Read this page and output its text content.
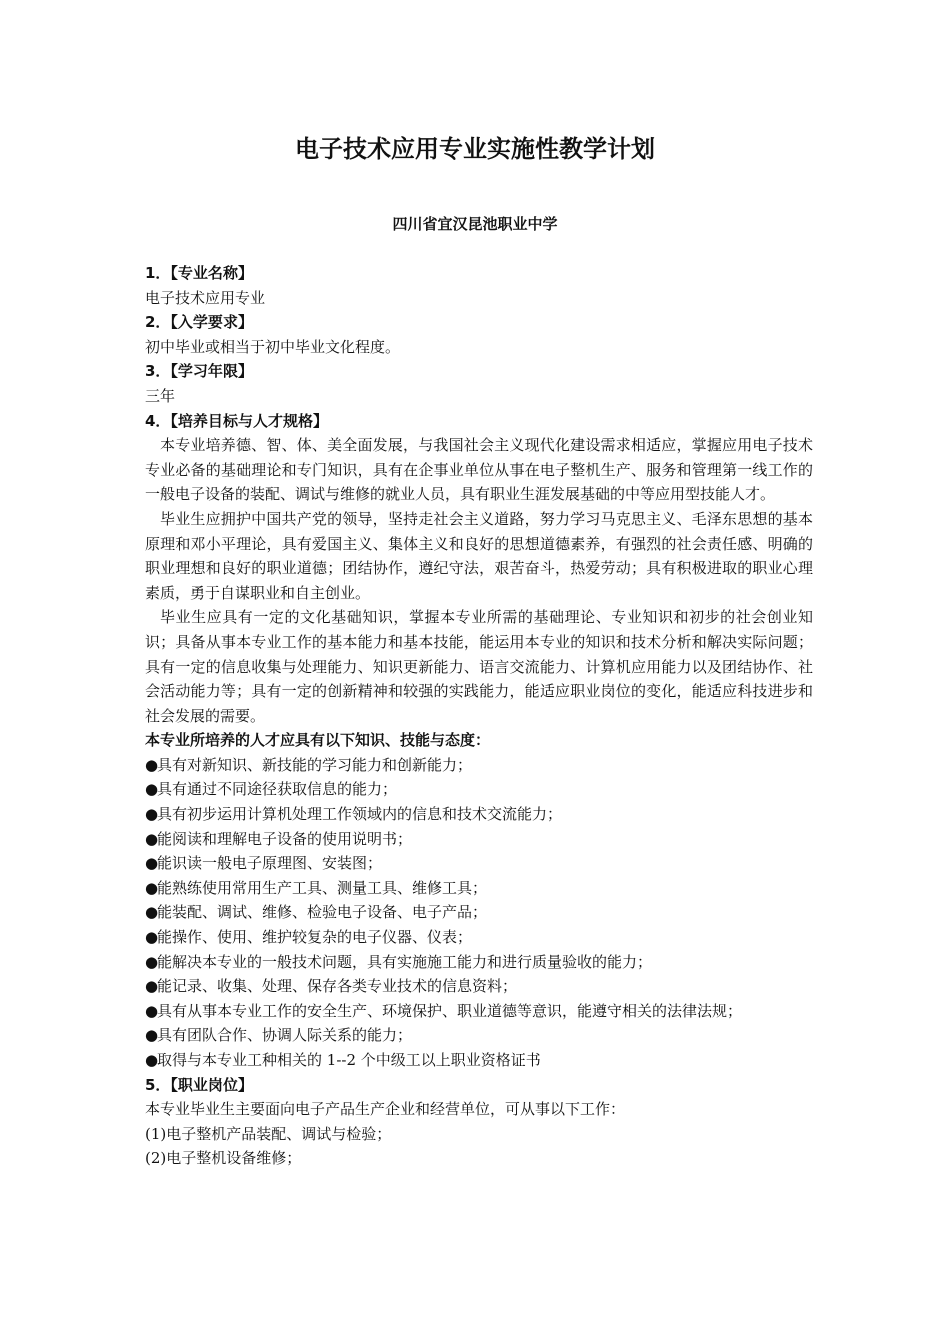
电子技术应用专业实施性教学计划
四川省宜汉昆池职业中学

1．【专业名称】

电子技术应用专业

2．【入学要求】

初中毕业或相当于初中毕业文化程度。

3．【学习年限】

三年

4．【培养目标与人才规格】

本专业培养德、智、体、美全面发展，与我国社会主义现代化建设需求相适应，掌握应用电子技术专业必备的基础理论和专门知识，具有在企事业单位从事在电子整机生产、服务和管理第一线工作的一般电子设备的装配、调试与维修的就业人员，具有职业生涯发展基础的中等应用型技能人才。

毕业生应拥护中国共产党的领导，坚持走社会主义道路，努力学习马克思主义、毛泽东思想的基本原理和邓小平理论，具有爱国主义、集体主义和良好的思想道德素养，有强烈的社会责任感、明确的职业理想和良好的职业道德；团结协作，遵纪守法，艰苦奋斗，热爱劳动；具有积极进取的职业心理素质，勇于自谋职业和自主创业。

毕业生应具有一定的文化基础知识，掌握本专业所需的基础理论、专业知识和初步的社会创业知识；具备从事本专业工作的基本能力和基本技能，能运用本专业的知识和技术分析和解决实际问题；具有一定的信息收集与处理能力、知识更新能力、语言交流能力、计算机应用能力以及团结协作、社会活动能力等；具有一定的创新精神和较强的实践能力，能适应职业岗位的变化，能适应科技进步和社会发展的需要。

本专业所培养的人才应具有以下知识、技能与态度：

●具有对新知识、新技能的学习能力和创新能力；

●具有通过不同途径获取信息的能力；

●具有初步运用计算机处理工作领域内的信息和技术交流能力；

●能阅读和理解电子设备的使用说明书；

●能识读一般电子原理图、安装图；

●能熟练使用常用生产工具、测量工具、维修工具；

●能装配、调试、维修、检验电子设备、电子产品；

●能操作、使用、维护较复杂的电子仪器、仪表；

●能解决本专业的一般技术问题，具有实施施工能力和进行质量验收的能力；

●能记录、收集、处理、保存各类专业技术的信息资料；

●具有从事本专业工作的安全生产、环境保护、职业道德等意识，能遵守相关的法律法规；

●具有团队合作、协调人际关系的能力；

●取得与本专业工种相关的 1--2 个中级工以上职业资格证书

5．【职业岗位】

本专业毕业生主要面向电子产品生产企业和经营单位，可从事以下工作：

(1)电子整机产品装配、调试与检验；

(2)电子整机设备维修；
